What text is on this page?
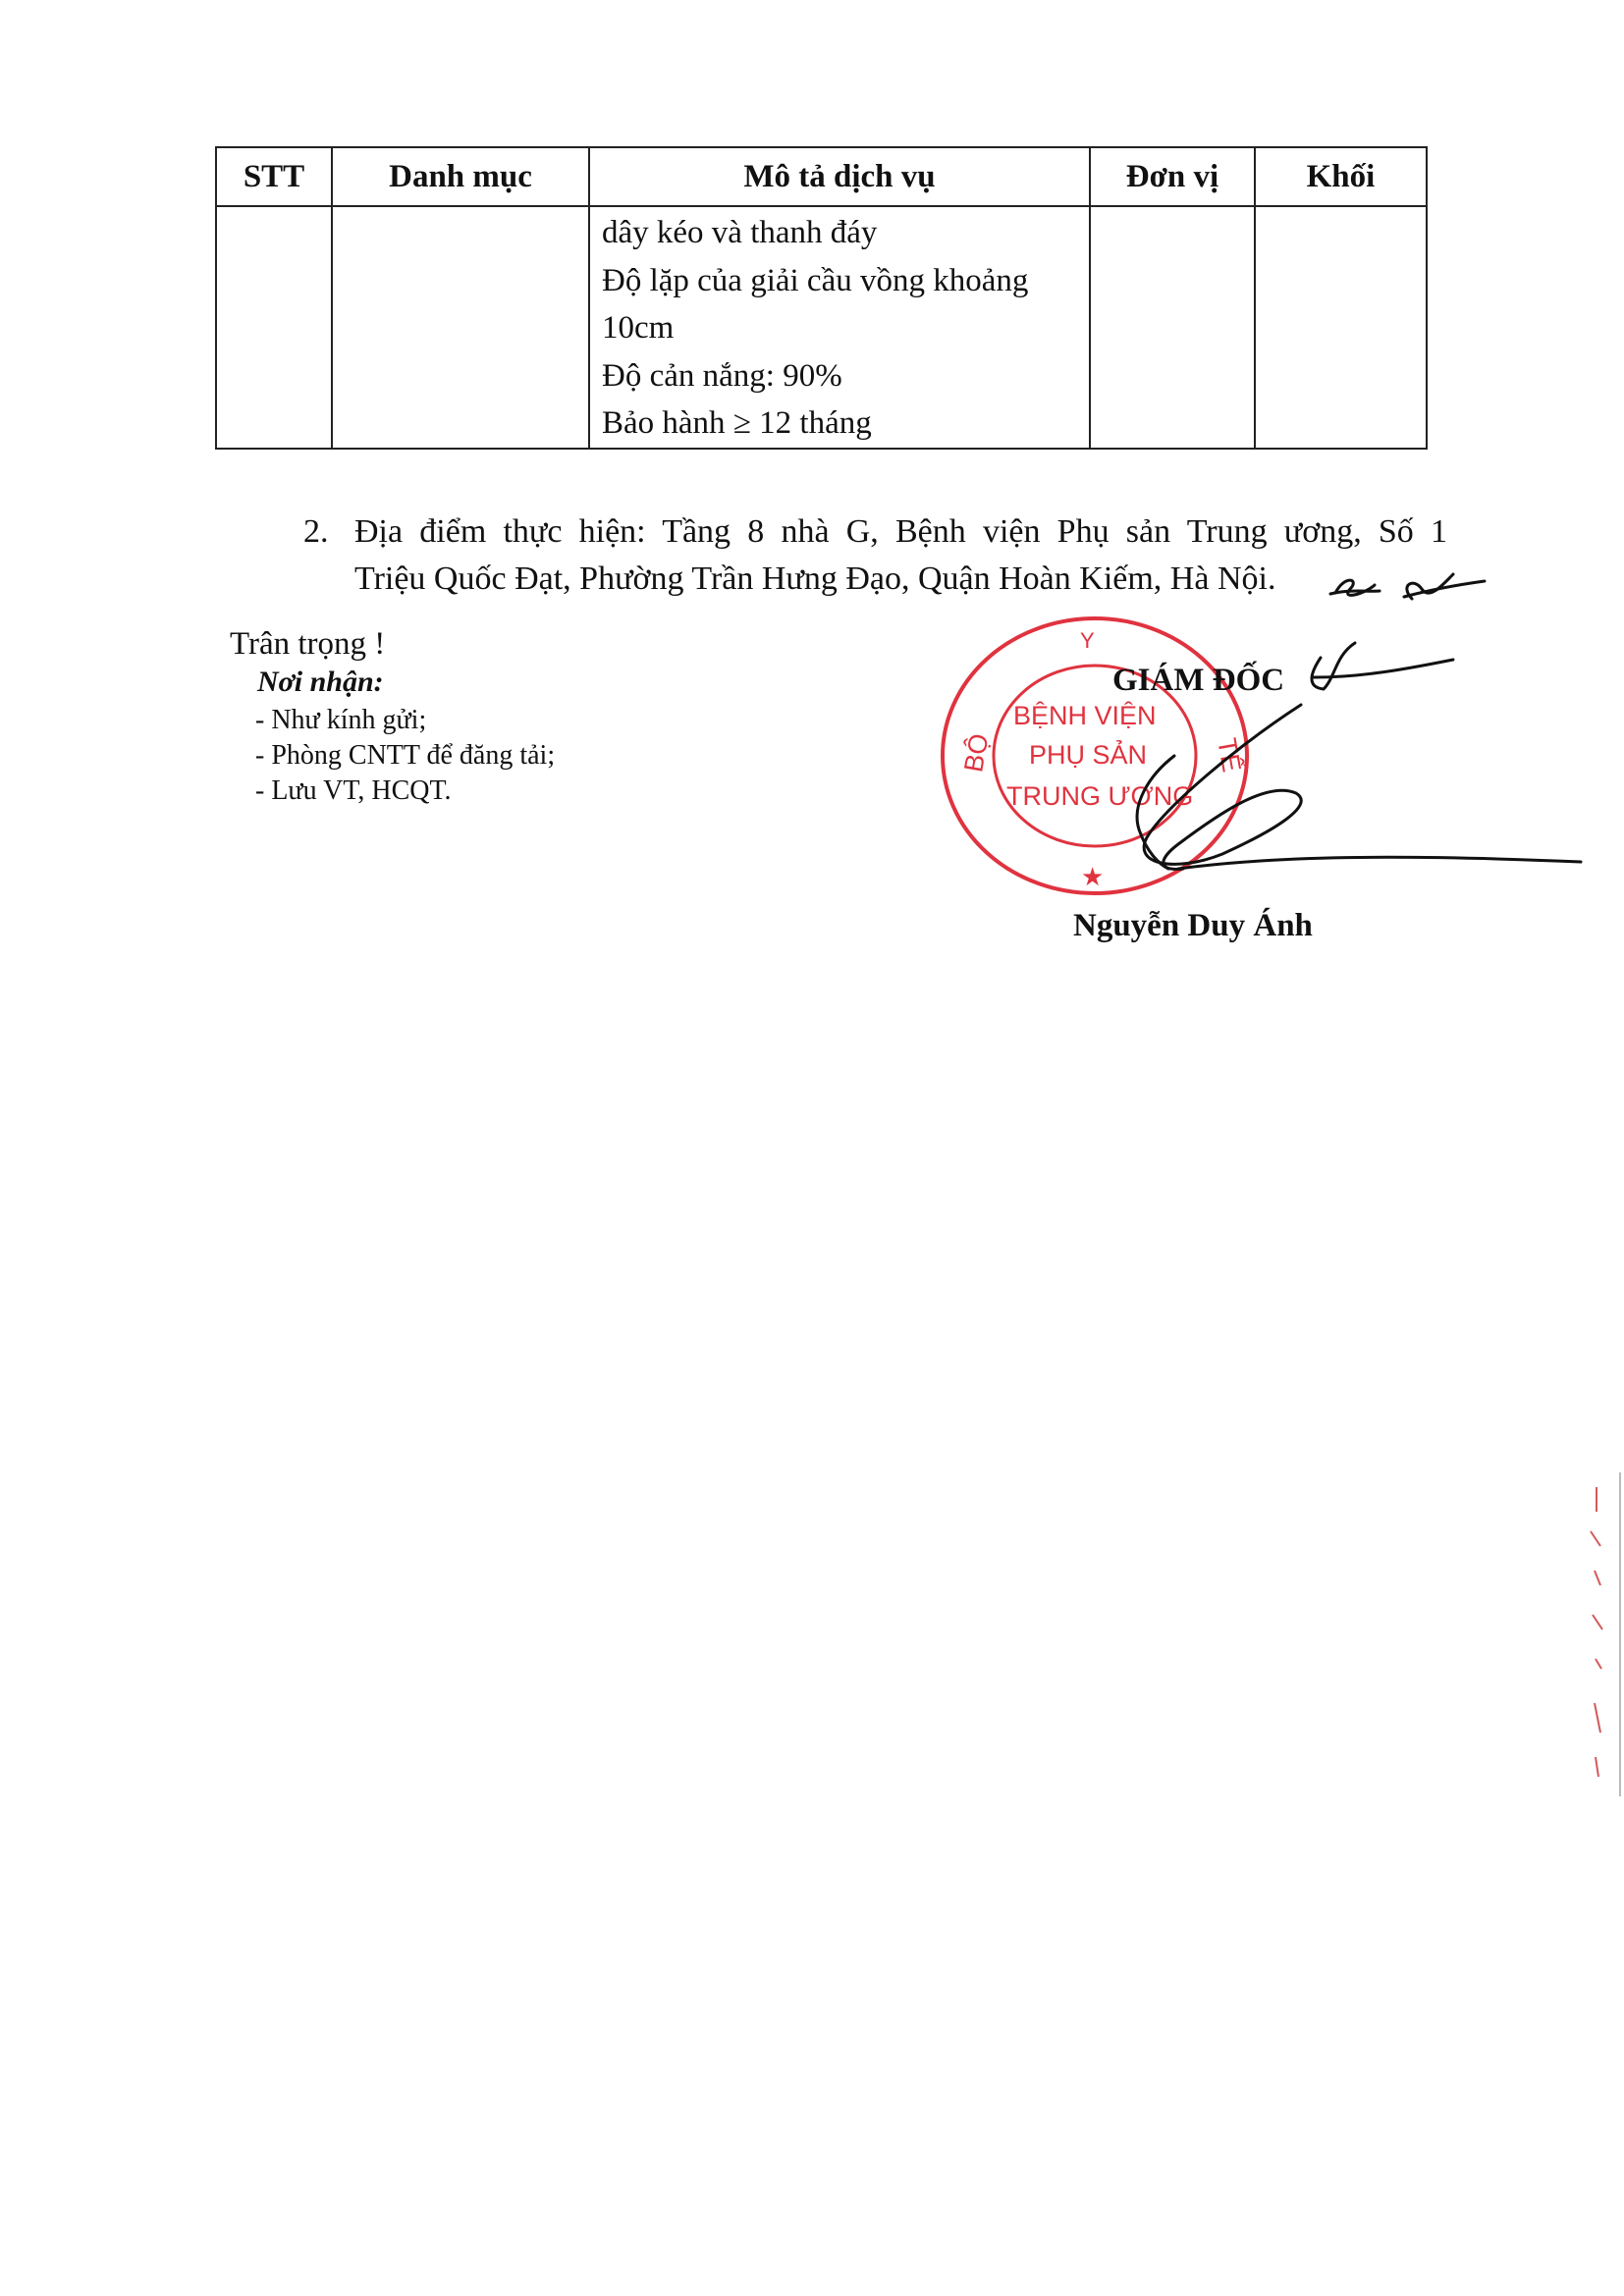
STT	Danh mục	Mô tả dịch vụ	Đơn vị	Khối

		dây kéo và thanh đáy
Độ lặp của giải cầu vồng khoảng
10cm
Độ cản nắng: 90%
Bảo hành ≥ 12 tháng		

2. Địa điểm thực hiện: Tầng 8 nhà G, Bệnh viện Phụ sản Trung ương, Số 1
Triệu Quốc Đạt, Phường Trần Hưng Đạo, Quận Hoàn Kiếm, Hà Nội.
Trân trọng !
Nơi nhận:
- Như kính gửi;
- Phòng CNTT để đăng tải;
- Lưu VT, HCQT.
BỘ
Y
TẾ
BỆNH VIỆN
PHỤ SẢN
TRUNG ƯƠNG
★
GIÁM ĐỐC
Nguyễn Duy Ánh
